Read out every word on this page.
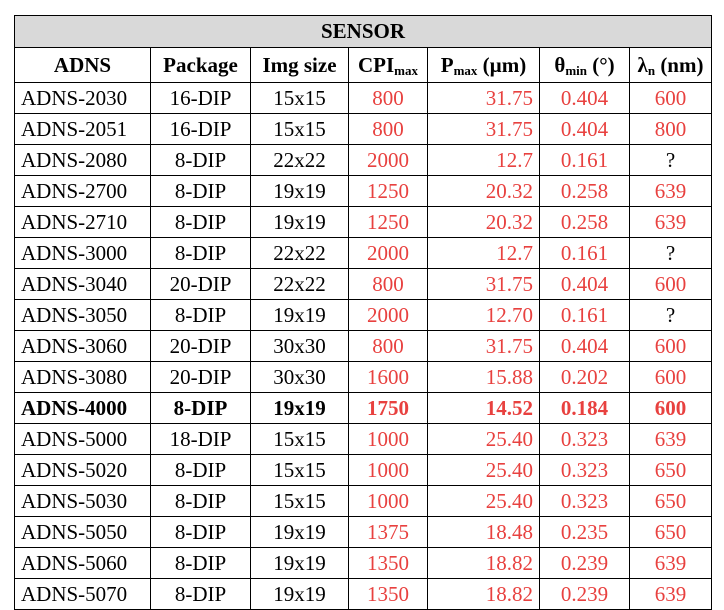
SENSOR						
ADNS	Package	Img size	$CPI_{max}$	$P_{max}$ (µm)	$\theta_{min}$ (°)	$\lambda_n$ (nm)
ADNS-2030	16-DIP	15x15	800	31.75	0.404	600
ADNS-2051	16-DIP	15x15	800	31.75	0.404	800
ADNS-2080	8-DIP	22x22	2000	12.7	0.161	?
ADNS-2700	8-DIP	19x19	1250	20.32	0.258	639
ADNS-2710	8-DIP	19x19	1250	20.32	0.258	639
ADNS-3000	8-DIP	22x22	2000	12.7	0.161	?
ADNS-3040	20-DIP	22x22	800	31.75	0.404	600
ADNS-3050	8-DIP	19x19	2000	12.70	0.161	?
ADNS-3060	20-DIP	30x30	800	31.75	0.404	600
ADNS-3080	20-DIP	30x30	1600	15.88	0.202	600
ADNS-4000	8-DIP	19x19	1750	14.52	0.184	600
ADNS-5000	18-DIP	15x15	1000	25.40	0.323	639
ADNS-5020	8-DIP	15x15	1000	25.40	0.323	650
ADNS-5030	8-DIP	15x15	1000	25.40	0.323	650
ADNS-5050	8-DIP	19x19	1375	18.48	0.235	650
ADNS-5060	8-DIP	19x19	1350	18.82	0.239	639
ADNS-5070	8-DIP	19x19	1350	18.82	0.239	639
